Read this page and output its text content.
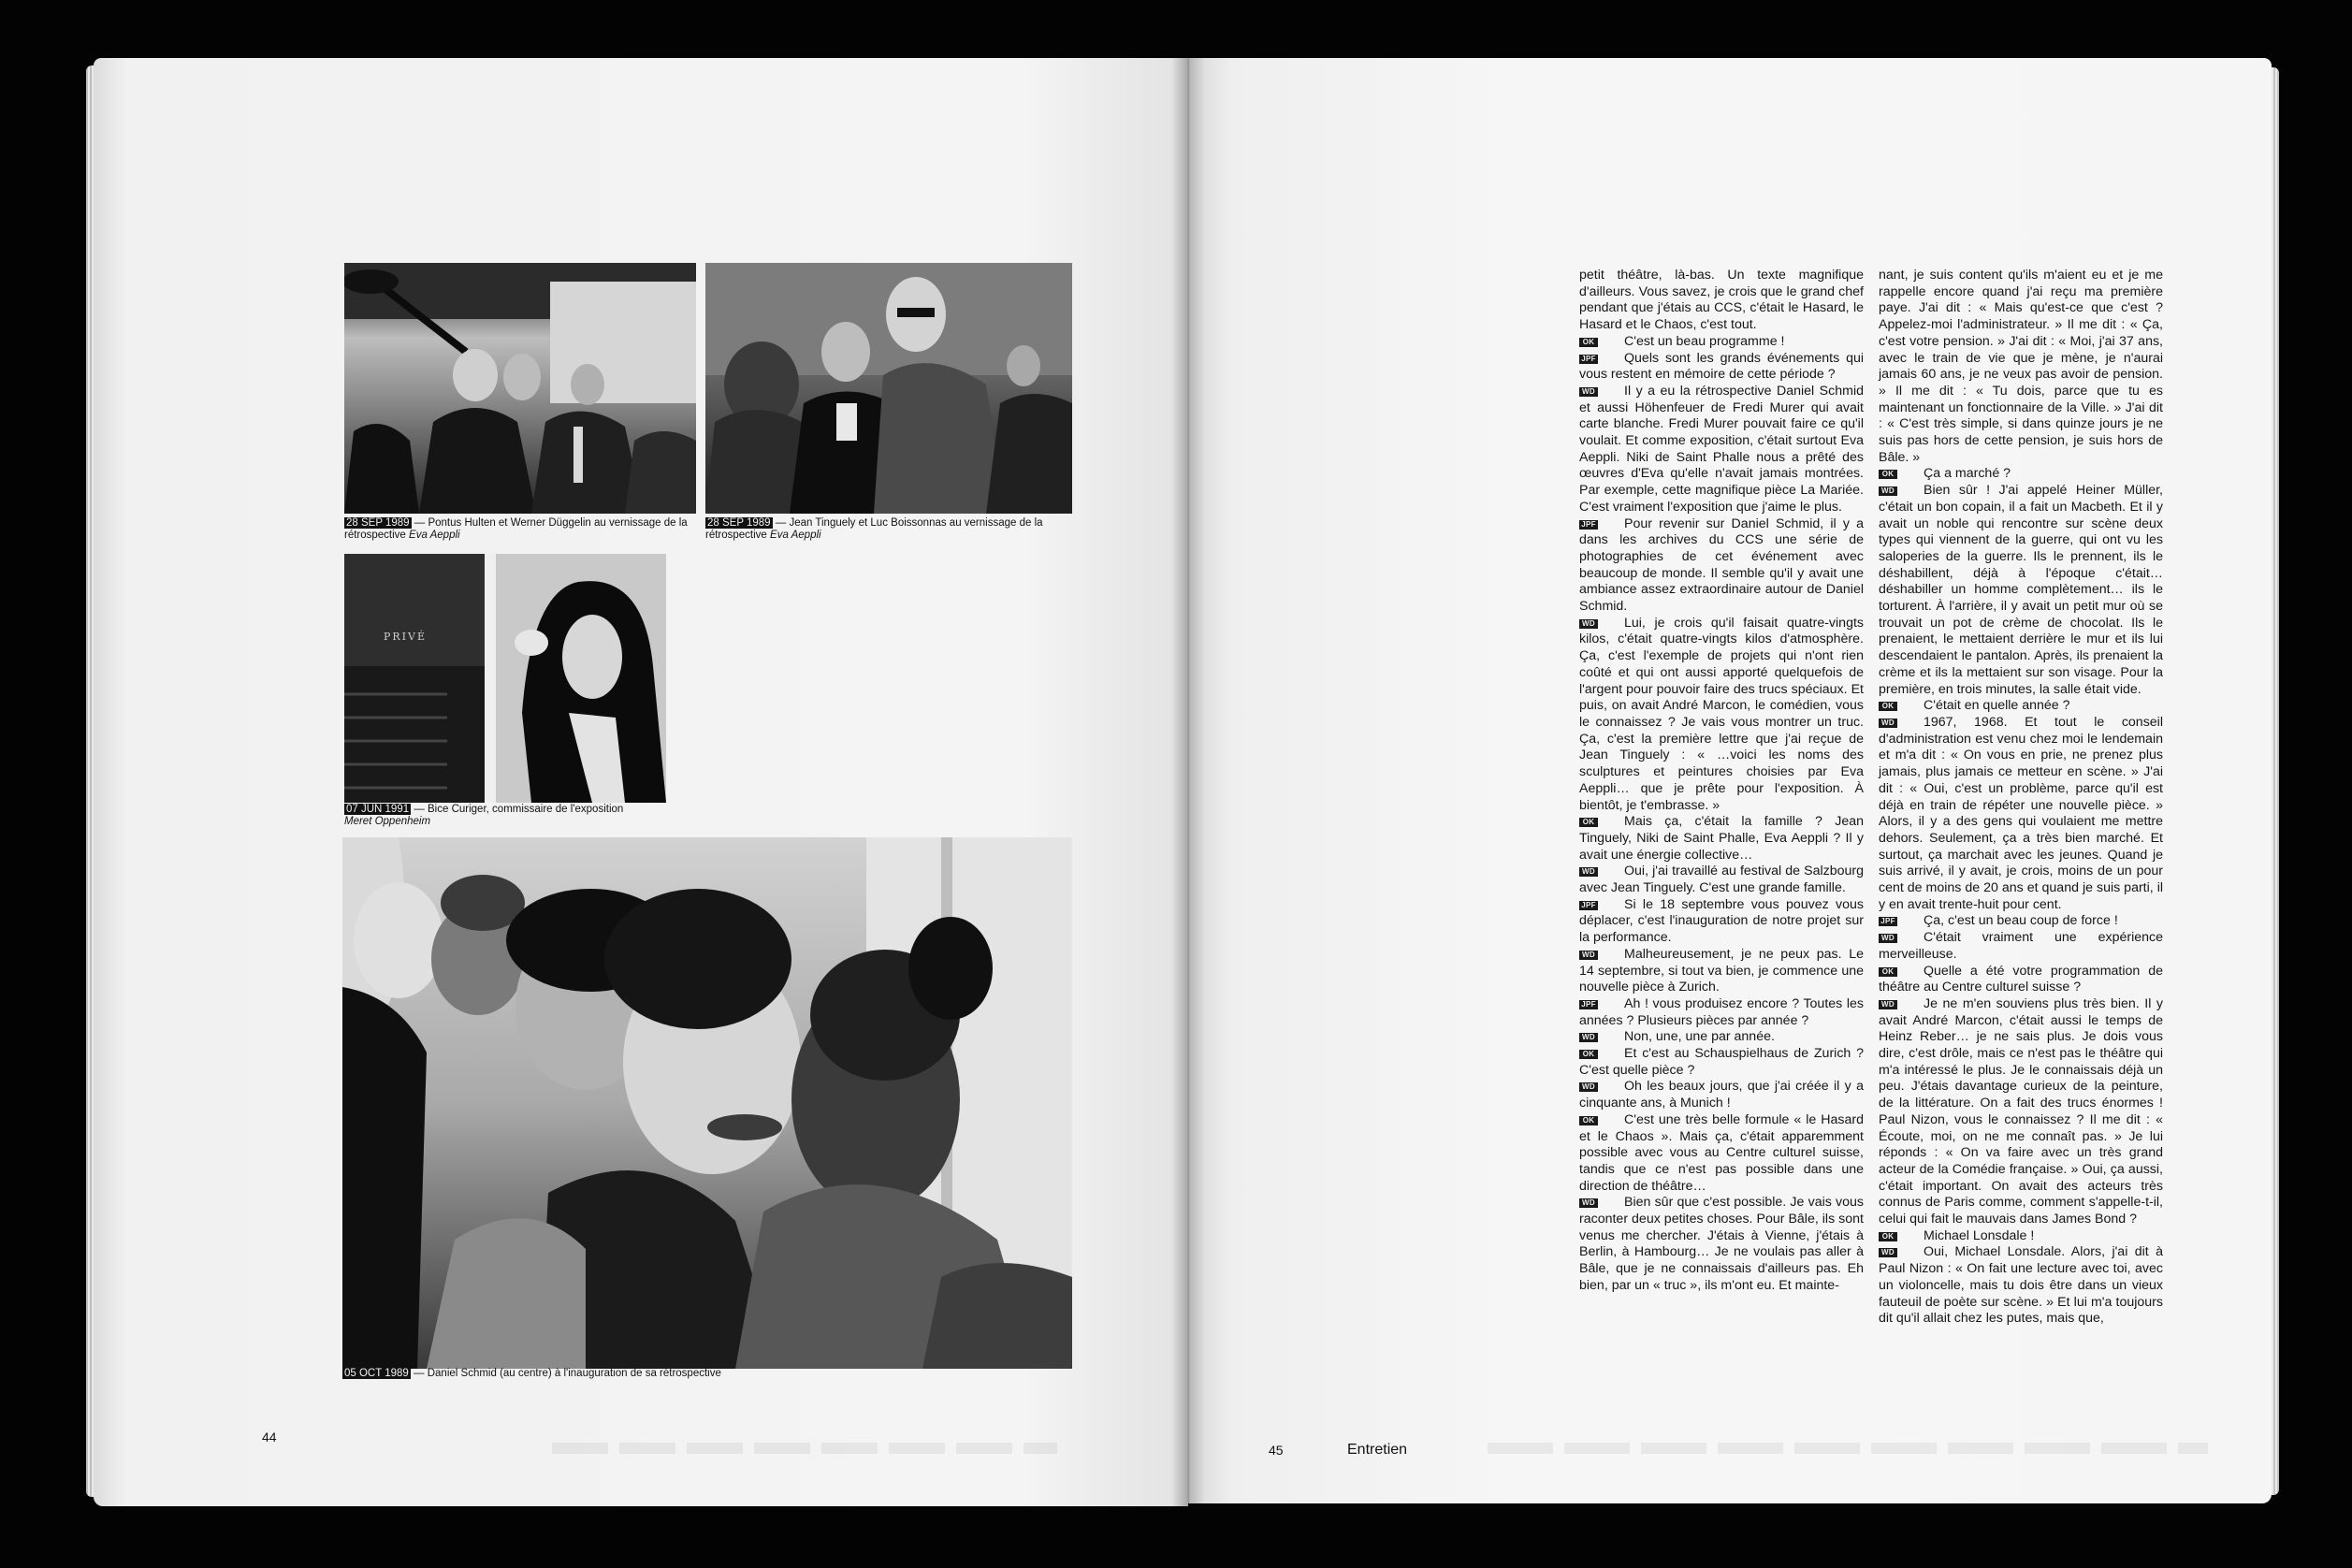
28 SEP 1989 — Pontus Hulten et Werner Düggelin au vernissage de la
rétrospective Eva Aeppli
28 SEP 1989 — Jean Tinguely et Luc Boissonnas au vernissage de la
rétrospective Eva Aeppli
PRIVÉ
07 JUN 1991 — Bice Curiger, commissaire de l'exposition
Meret Oppenheim
05 OCT 1989 — Daniel Schmid (au centre) à l'inauguration de sa rétrospective
44

petit théâtre, là-bas. Un texte magnifique d'ailleurs. Vous savez, je crois que le grand chef pendant que j'étais au CCS, c'était le Hasard, le Hasard et le Chaos, c'est tout.

OK C'est un beau programme !

JPF Quels sont les grands événements qui vous restent en mémoire de cette période ?

WD Il y a eu la rétrospective Daniel Schmid et aussi Höhenfeuer de Fredi Murer qui avait carte blanche. Fredi Murer pouvait faire ce qu'il voulait. Et comme exposition, c'était surtout Eva Aeppli. Niki de Saint Phalle nous a prêté des œuvres d'Eva qu'elle n'avait jamais montrées. Par exemple, cette magnifique pièce La Mariée. C'est vraiment l'exposition que j'aime le plus.

JPF Pour revenir sur Daniel Schmid, il y a dans les archives du CCS une série de photographies de cet événement avec beaucoup de monde. Il semble qu'il y avait une ambiance assez extraordinaire autour de Daniel Schmid.

WD Lui, je crois qu'il faisait quatre-vingts kilos, c'était quatre-vingts kilos d'atmosphère. Ça, c'est l'exemple de projets qui n'ont rien coûté et qui ont aussi apporté quelquefois de l'argent pour pouvoir faire des trucs spéciaux. Et puis, on avait André Marcon, le comédien, vous le connaissez ? Je vais vous montrer un truc. Ça, c'est la première lettre que j'ai reçue de Jean Tinguely : « …voici les noms des sculptures et peintures choisies par Eva Aeppli… que je prête pour l'exposition. À bientôt, je t'embrasse. »

OK Mais ça, c'était la famille ? Jean Tinguely, Niki de Saint Phalle, Eva Aeppli ? Il y avait une énergie collective…

WD Oui, j'ai travaillé au festival de Salzbourg avec Jean Tinguely. C'est une grande famille.

JPF Si le 18 septembre vous pouvez vous déplacer, c'est l'inauguration de notre projet sur la performance.

WD Malheureusement, je ne peux pas. Le 14 septembre, si tout va bien, je commence une nouvelle pièce à Zurich.

JPF Ah ! vous produisez encore ? Toutes les années ? Plusieurs pièces par année ?

WD Non, une, une par année.

OK Et c'est au Schauspielhaus de Zurich ? C'est quelle pièce ?

WD Oh les beaux jours, que j'ai créée il y a cinquante ans, à Munich !

OK C'est une très belle formule « le Hasard et le Chaos ». Mais ça, c'était apparemment possible avec vous au Centre culturel suisse, tandis que ce n'est pas possible dans une direction de théâtre…

WD Bien sûr que c'est possible. Je vais vous raconter deux petites choses. Pour Bâle, ils sont venus me chercher. J'étais à Vienne, j'étais à Berlin, à Hambourg… Je ne voulais pas aller à Bâle, que je ne connaissais d'ailleurs pas. Eh bien, par un « truc », ils m'ont eu. Et mainte-

nant, je suis content qu'ils m'aient eu et je me rappelle encore quand j'ai reçu ma première paye. J'ai dit : « Mais qu'est-ce que c'est ? Appelez-moi l'administrateur. » Il me dit : « Ça, c'est votre pension. » J'ai dit : « Moi, j'ai 37 ans, avec le train de vie que je mène, je n'aurai jamais 60 ans, je ne veux pas avoir de pension. » Il me dit : « Tu dois, parce que tu es maintenant un fonctionnaire de la Ville. » J'ai dit : « C'est très simple, si dans quinze jours je ne suis pas hors de cette pension, je suis hors de Bâle. »

OK Ça a marché ?

WD Bien sûr ! J'ai appelé Heiner Müller, c'était un bon copain, il a fait un Macbeth. Et il y avait un noble qui rencontre sur scène deux types qui viennent de la guerre, qui ont vu les saloperies de la guerre. Ils le prennent, ils le déshabillent, déjà à l'époque c'était… déshabiller un homme complètement… ils le torturent. À l'arrière, il y avait un petit mur où se trouvait un pot de crème de chocolat. Ils le prenaient, le mettaient derrière le mur et ils lui descendaient le pantalon. Après, ils prenaient la crème et ils la mettaient sur son visage. Pour la première, en trois minutes, la salle était vide.

OK C'était en quelle année ?

WD 1967, 1968. Et tout le conseil d'administration est venu chez moi le lendemain et m'a dit : « On vous en prie, ne prenez plus jamais, plus jamais ce metteur en scène. » J'ai dit : « Oui, c'est un problème, parce qu'il est déjà en train de répéter une nouvelle pièce. » Alors, il y a des gens qui voulaient me mettre dehors. Seulement, ça a très bien marché. Et surtout, ça marchait avec les jeunes. Quand je suis arrivé, il y avait, je crois, moins de un pour cent de moins de 20 ans et quand je suis parti, il y en avait trente-huit pour cent.

JPF Ça, c'est un beau coup de force !

WD C'était vraiment une expérience merveilleuse.

OK Quelle a été votre programmation de théâtre au Centre culturel suisse ?

WD Je ne m'en souviens plus très bien. Il y avait André Marcon, c'était aussi le temps de Heinz Reber… je ne sais plus. Je dois vous dire, c'est drôle, mais ce n'est pas le théâtre qui m'a intéressé le plus. Je le connaissais déjà un peu. J'étais davantage curieux de la peinture, de la littérature. On a fait des trucs énormes ! Paul Nizon, vous le connaissez ? Il me dit : « Écoute, moi, on ne me connaît pas. » Je lui réponds : « On va faire avec un très grand acteur de la Comédie française. » Oui, ça aussi, c'était important. On avait des acteurs très connus de Paris comme, comment s'appelle-t-il, celui qui fait le mauvais dans James Bond ?

OK Michael Lonsdale !

WD Oui, Michael Lonsdale. Alors, j'ai dit à Paul Nizon : « On fait une lecture avec toi, avec un violoncelle, mais tu dois être dans un vieux fauteuil de poète sur scène. » Et lui m'a toujours dit qu'il allait chez les putes, mais que,

45	Entretien
